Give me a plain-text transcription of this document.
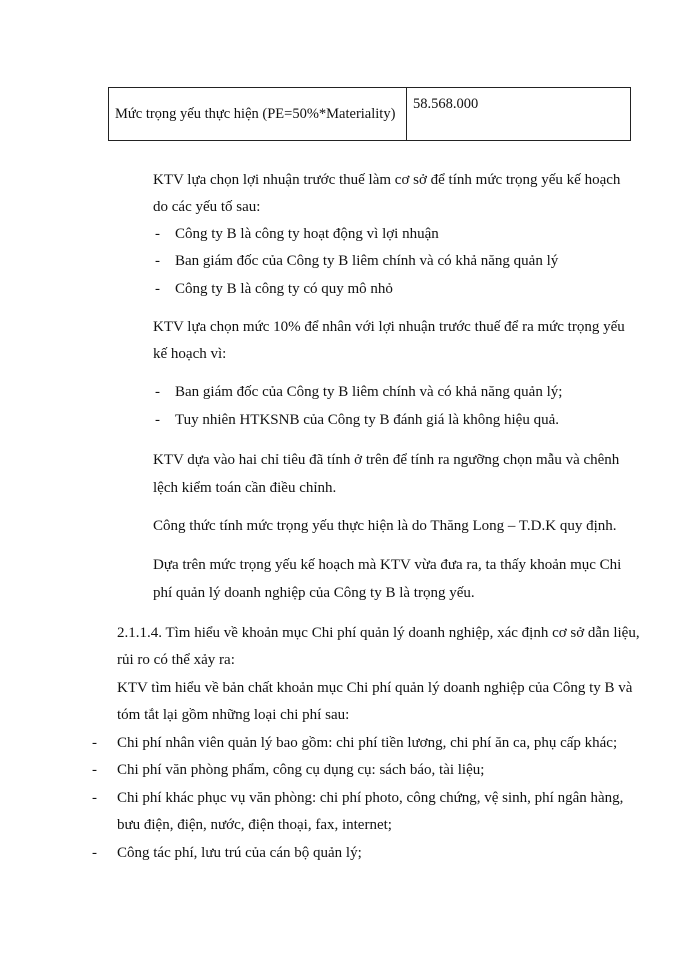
Mức trọng yếu thực hiện (PE=50%*Materiality)
58.568.000
KTV lựa chọn lợi nhuận trước thuế làm cơ sở để tính mức trọng yếu kế hoạch
do các yếu tố sau:
- Công ty B là công ty hoạt động vì lợi nhuận
- Ban giám đốc của Công ty B liêm chính và có khả năng quản lý
- Công ty B là công ty có quy mô nhỏ
KTV lựa chọn mức 10% để nhân với lợi nhuận trước thuế để ra mức trọng yếu
kế hoạch vì:
- Ban giám đốc của Công ty B liêm chính và có khả năng quản lý;
- Tuy nhiên HTKSNB của Công ty B đánh giá là không hiệu quả.
KTV dựa vào hai chỉ tiêu đã tính ở trên để tính ra ngưỡng chọn mẫu và chênh
lệch kiểm toán cần điều chỉnh.
Công thức tính mức trọng yếu thực hiện là do Thăng Long – T.D.K quy định.
Dựa trên mức trọng yếu kế hoạch mà KTV vừa đưa ra, ta thấy khoản mục Chi
phí quản lý doanh nghiệp của Công ty B là trọng yếu.
2.1.1.4. Tìm hiểu về khoản mục Chi phí quản lý doanh nghiệp, xác định cơ sở dẫn liệu,
rủi ro có thể xảy ra:
KTV tìm hiểu về bản chất khoản mục Chi phí quản lý doanh nghiệp của Công ty B và
tóm tắt lại gồm những loại chi phí sau:
- Chi phí nhân viên quản lý bao gồm: chi phí tiền lương, chi phí ăn ca, phụ cấp khác;
- Chi phí văn phòng phẩm, công cụ dụng cụ: sách báo, tài liệu;
- Chi phí khác phục vụ văn phòng: chi phí photo, công chứng, vệ sinh, phí ngân hàng,
bưu điện, điện, nước, điện thoại, fax, internet;
- Công tác phí, lưu trú của cán bộ quản lý;
